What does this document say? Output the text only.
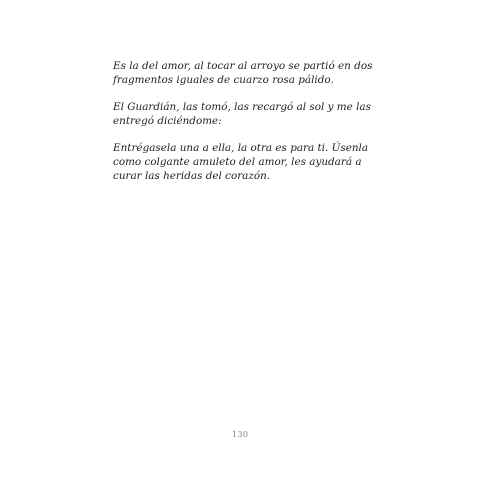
Es la del amor, al tocar al arroyo se partió en dos
fragmentos iguales de cuarzo rosa pálido.

El Guardián, las tomó, las recargó al sol y me las
entregó diciéndome:

Entrégasela una a ella, la otra es para ti. Úsenla
como colgante amuleto del amor, les ayudará a
curar las heridas del corazón.

130
